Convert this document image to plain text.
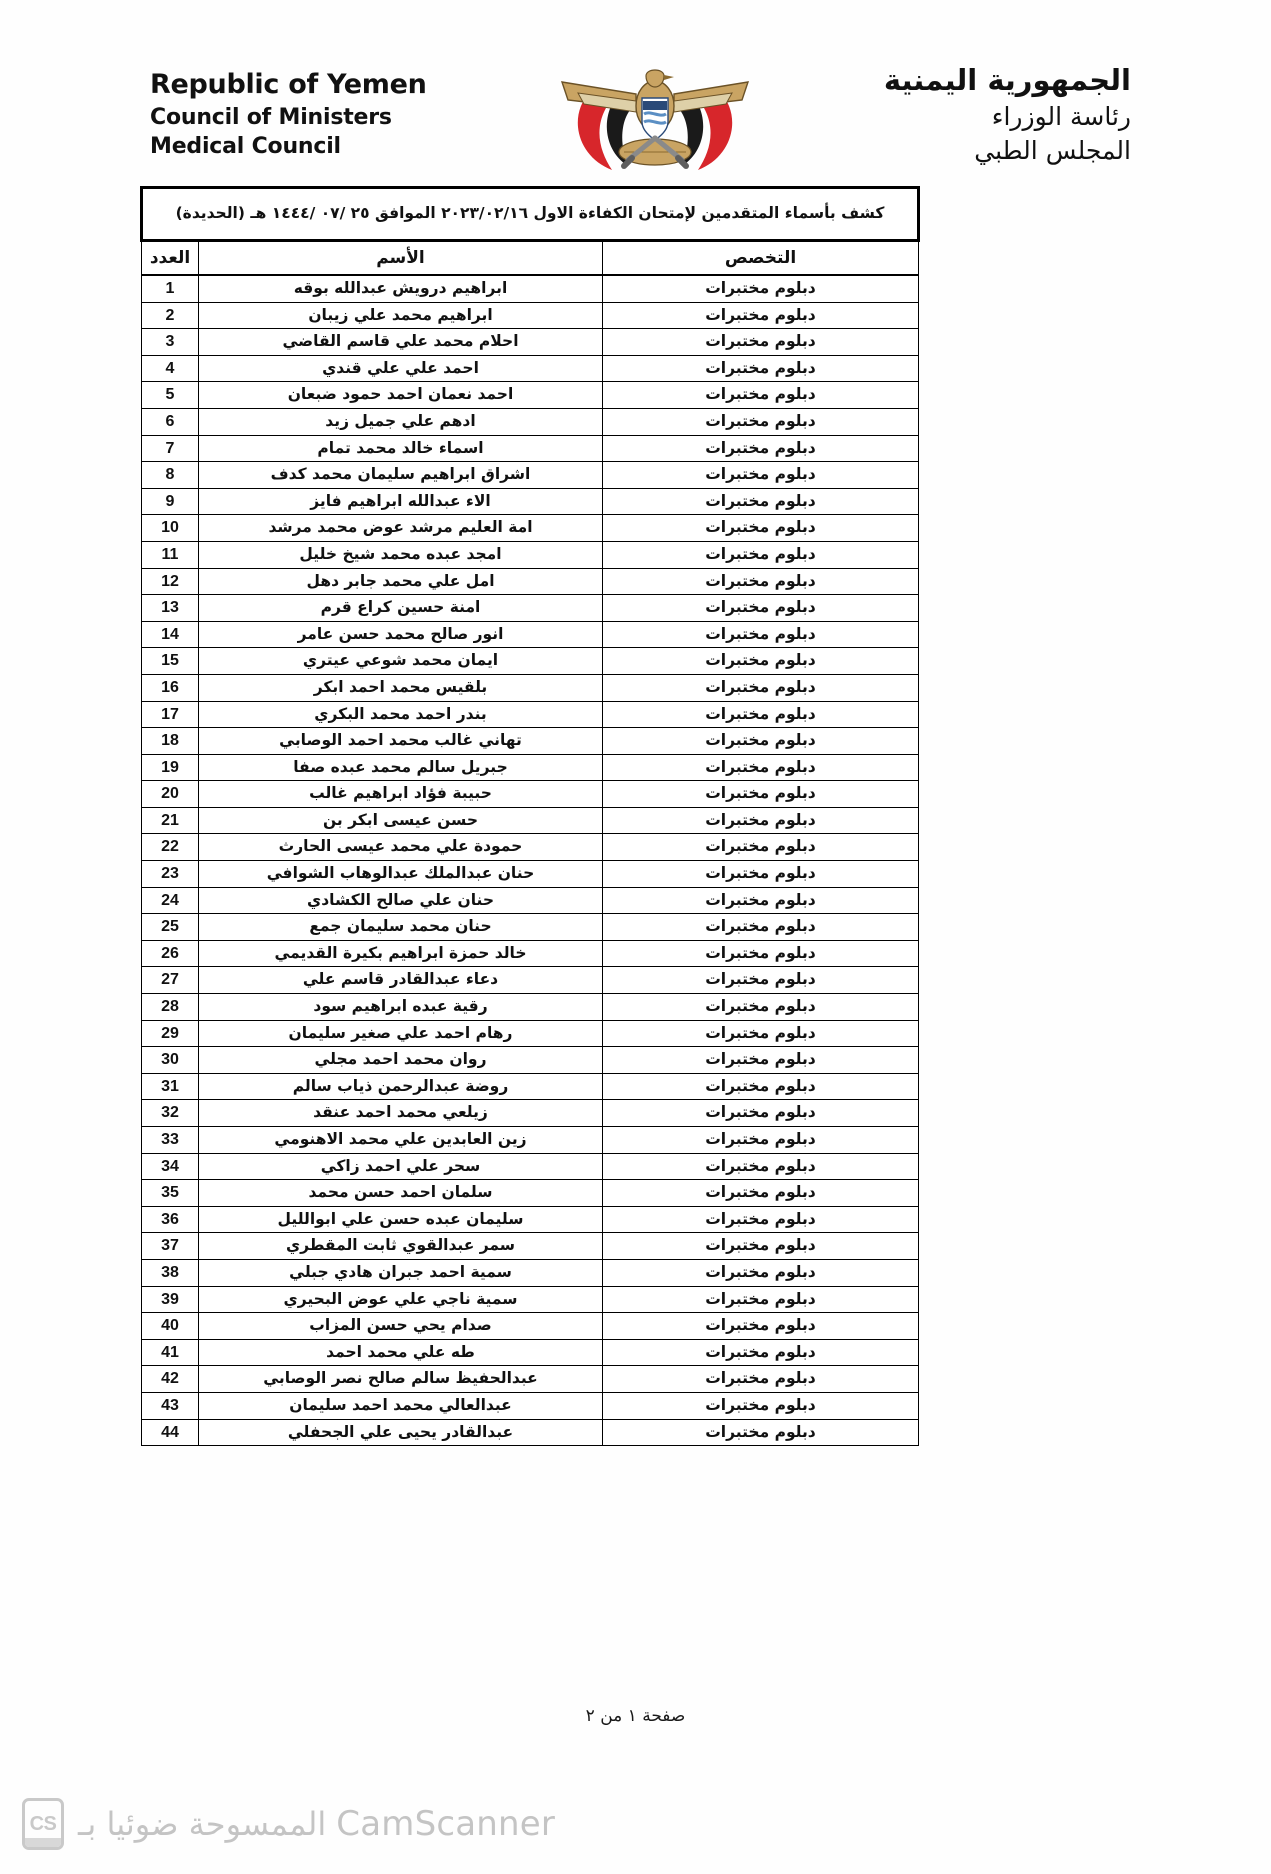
Republic of Yemen
Council of Ministers
Medical Council
الجمهورية اليمنية
رئاسة الوزراء
المجلس الطبي
كشف بأسماء المتقدمين لإمتحان الكفاءة الاول ٢٠٢٣/٠٢/١٦ الموافق ٢٥ /٠٧ /١٤٤٤ هـ (الحديدة)		
التخصص	الأسم	العدد
دبلوم مختبرات	ابراهيم درويش عبدالله بوقه	1
دبلوم مختبرات	ابراهيم محمد علي زيبان	2
دبلوم مختبرات	احلام محمد علي قاسم القاضي	3
دبلوم مختبرات	احمد علي علي قندي	4
دبلوم مختبرات	احمد نعمان احمد حمود ضبعان	5
دبلوم مختبرات	ادهم علي جميل زيد	6
دبلوم مختبرات	اسماء خالد محمد تمام	7
دبلوم مختبرات	اشراق ابراهيم سليمان محمد كدف	8
دبلوم مختبرات	الاء عبدالله ابراهيم فايز	9
دبلوم مختبرات	امة العليم مرشد عوض محمد مرشد	10
دبلوم مختبرات	امجد عبده محمد شيخ خليل	11
دبلوم مختبرات	امل علي محمد جابر دهل	12
دبلوم مختبرات	امنة حسين كراع قرم	13
دبلوم مختبرات	انور صالح محمد حسن عامر	14
دبلوم مختبرات	ايمان محمد شوعي عيتري	15
دبلوم مختبرات	بلقيس محمد احمد ابكر	16
دبلوم مختبرات	بندر احمد محمد البكري	17
دبلوم مختبرات	تهاني غالب محمد احمد الوصابي	18
دبلوم مختبرات	جبريل سالم محمد عبده صفا	19
دبلوم مختبرات	حبيبة فؤاد ابراهيم غالب	20
دبلوم مختبرات	حسن عيسى ابكر بن	21
دبلوم مختبرات	حمودة علي محمد عيسى الحارث	22
دبلوم مختبرات	حنان عبدالملك عبدالوهاب الشوافي	23
دبلوم مختبرات	حنان علي صالح الكشادي	24
دبلوم مختبرات	حنان محمد سليمان جمع	25
دبلوم مختبرات	خالد حمزة ابراهيم بكيرة القديمي	26
دبلوم مختبرات	دعاء عبدالقادر قاسم علي	27
دبلوم مختبرات	رقية عبده ابراهيم سود	28
دبلوم مختبرات	رهام احمد علي صغير سليمان	29
دبلوم مختبرات	روان محمد احمد مجلي	30
دبلوم مختبرات	روضة عبدالرحمن ذياب سالم	31
دبلوم مختبرات	زيلعي محمد احمد عنقد	32
دبلوم مختبرات	زين العابدين علي محمد الاهنومي	33
دبلوم مختبرات	سحر علي احمد زاكي	34
دبلوم مختبرات	سلمان احمد حسن محمد	35
دبلوم مختبرات	سليمان عبده حسن علي ابوالليل	36
دبلوم مختبرات	سمر عبدالقوي ثابت المقطري	37
دبلوم مختبرات	سمية احمد جبران هادي جبلي	38
دبلوم مختبرات	سمية ناجي علي عوض البحيري	39
دبلوم مختبرات	صدام يحي حسن المزاب	40
دبلوم مختبرات	طه علي محمد احمد	41
دبلوم مختبرات	عبدالحفيظ سالم صالح نصر الوصابي	42
دبلوم مختبرات	عبدالعالي محمد احمد سليمان	43
دبلوم مختبرات	عبدالقادر يحيى علي الجحفلي	44
صفحة ١ من ٢
CS الممسوحة ضوئيا بـ CamScanner
